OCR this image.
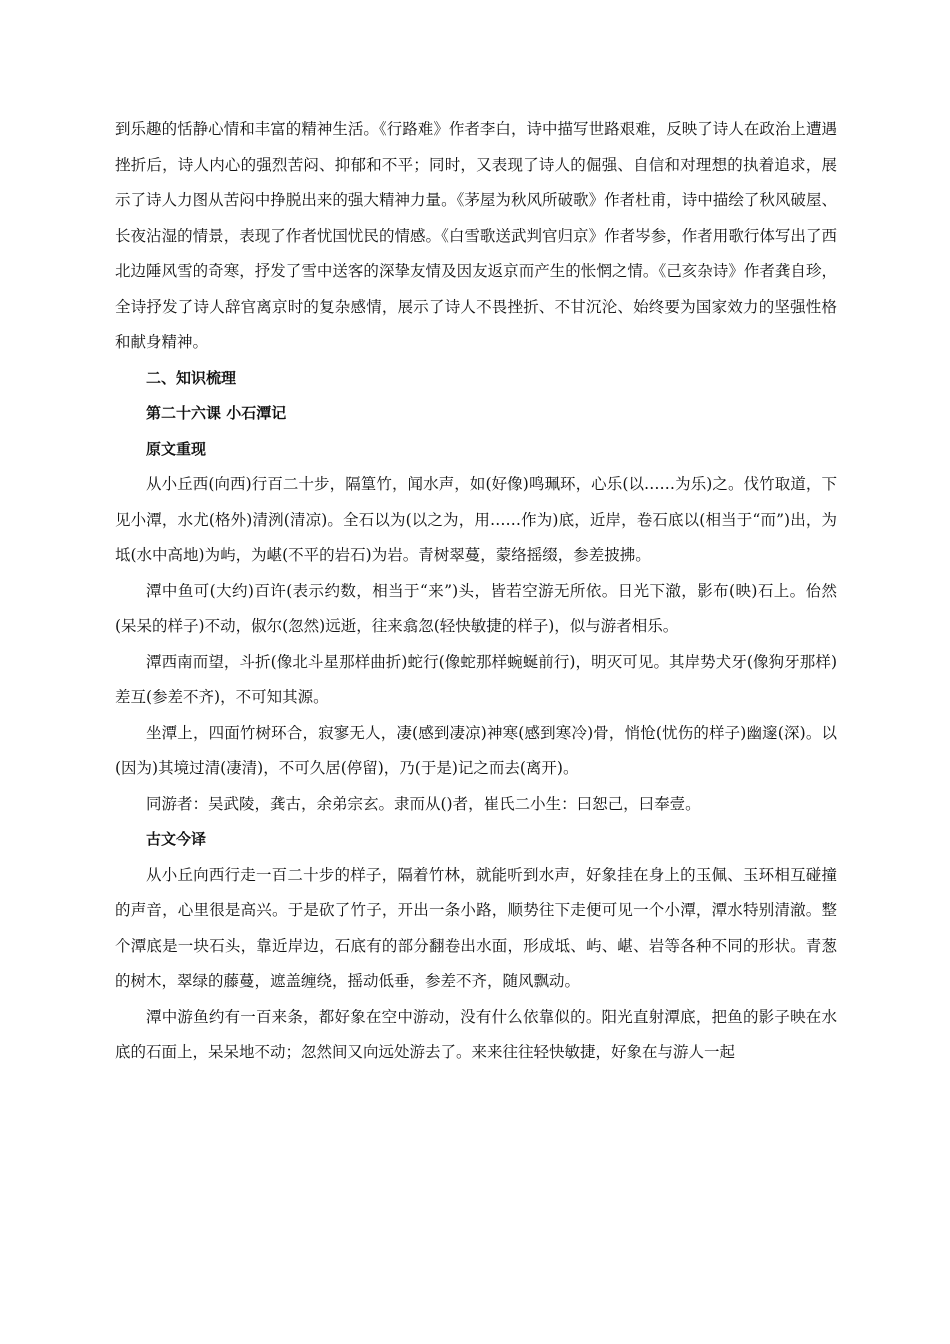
到乐趣的恬静心情和丰富的精神生活。《行路难》作者李白，诗中描写世路艰难，反映了诗人在政治上遭遇挫折后，诗人内心的强烈苦闷、抑郁和不平；同时，又表现了诗人的倔强、自信和对理想的执着追求，展示了诗人力图从苦闷中挣脱出来的强大精神力量。《茅屋为秋风所破歌》作者杜甫，诗中描绘了秋风破屋、长夜沾湿的情景，表现了作者忧国忧民的情感。《白雪歌送武判官归京》作者岑参，作者用歌行体写出了西北边陲风雪的奇寒，抒发了雪中送客的深挚友情及因友返京而产生的怅惘之情。《己亥杂诗》作者龚自珍，全诗抒发了诗人辞官离京时的复杂感情，展示了诗人不畏挫折、不甘沉沦、始终要为国家效力的坚强性格和献身精神。

二、知识梳理

第二十六课 小石潭记

原文重现

从小丘西(向西)行百二十步，隔篁竹，闻水声，如(好像)鸣珮环，心乐(以……为乐)之。伐竹取道，下见小潭，水尤(格外)清洌(清凉)。全石以为(以之为，用……作为)底，近岸，卷石底以(相当于“而”)出，为坻(水中高地)为屿，为嵁(不平的岩石)为岩。青树翠蔓，蒙络摇缀，参差披拂。

潭中鱼可(大约)百许(表示约数，相当于“来”)头，皆若空游无所依。日光下澈，影布(映)石上。佁然(呆呆的样子)不动，俶尔(忽然)远逝，往来翕忽(轻快敏捷的样子)，似与游者相乐。

潭西南而望，斗折(像北斗星那样曲折)蛇行(像蛇那样蜿蜒前行)，明灭可见。其岸势犬牙(像狗牙那样)差互(参差不齐)，不可知其源。

坐潭上，四面竹树环合，寂寥无人，凄(感到凄凉)神寒(感到寒冷)骨，悄怆(忧伤的样子)幽邃(深)。以(因为)其境过清(凄清)，不可久居(停留)，乃(于是)记之而去(离开)。

同游者：吴武陵，龚古，余弟宗玄。隶而从()者，崔氏二小生：曰恕己，曰奉壹。

古文今译

从小丘向西行走一百二十步的样子，隔着竹林，就能听到水声，好象挂在身上的玉佩、玉环相互碰撞的声音，心里很是高兴。于是砍了竹子，开出一条小路，顺势往下走便可见一个小潭，潭水特别清澈。整个潭底是一块石头，靠近岸边，石底有的部分翻卷出水面，形成坻、屿、嵁、岩等各种不同的形状。青葱的树木，翠绿的藤蔓，遮盖缠绕，摇动低垂，参差不齐，随风飘动。

潭中游鱼约有一百来条，都好象在空中游动，没有什么依靠似的。阳光直射潭底，把鱼的影子映在水底的石面上，呆呆地不动；忽然间又向远处游去了。来来往往轻快敏捷，好象在与游人一起
